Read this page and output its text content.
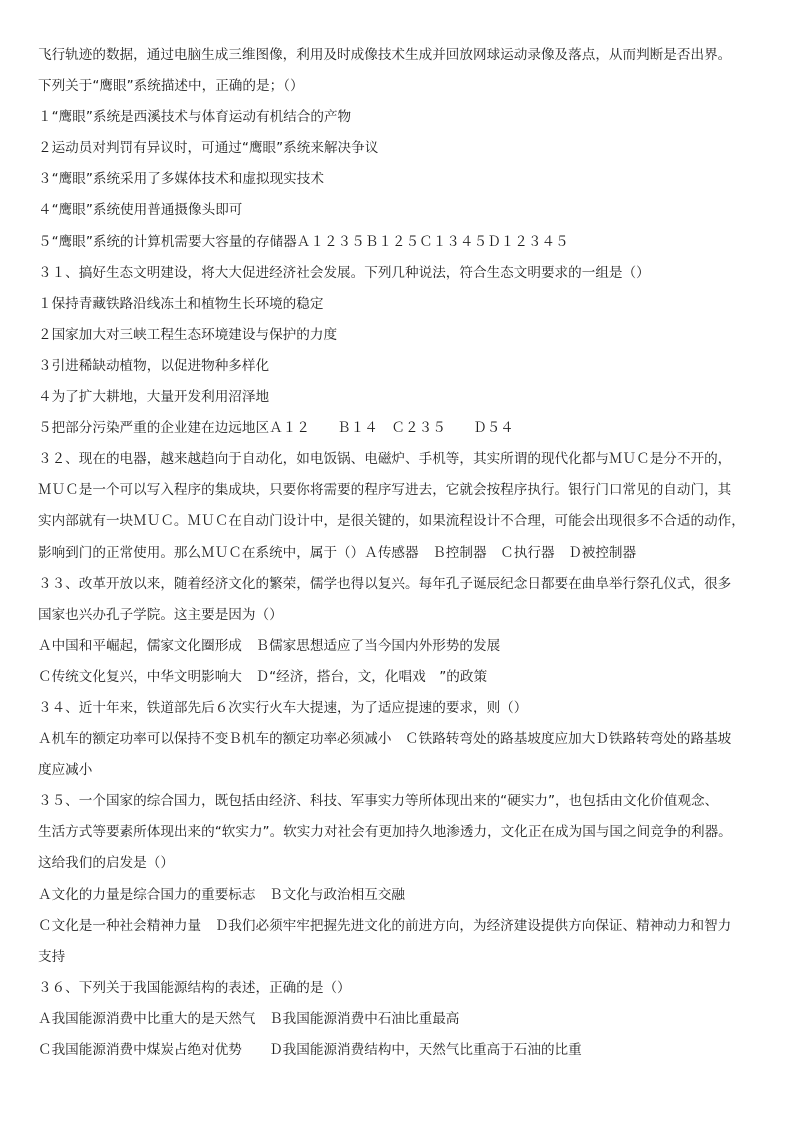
飞行轨迹的数据，通过电脑生成三维图像，利用及时成像技术生成并回放网球运动录像及落点，从而判断是否出界。

下列关于“鹰眼”系统描述中，正确的是；（）

１“鹰眼”系统是西溪技术与体育运动有机结合的产物

２运动员对判罚有异议时，可通过“鹰眼”系统来解决争议

３“鹰眼”系统采用了多媒体技术和虚拟现实技术

４“鹰眼”系统使用普通摄像头即可

５“鹰眼”系统的计算机需要大容量的存储器Ａ１２３５Ｂ１２５Ｃ１３４５Ｄ１２３４５

３１、搞好生态文明建设，将大大促进经济社会发展。下列几种说法，符合生态文明要求的一组是（）

１保持青藏铁路沿线冻土和植物生长环境的稳定

２国家加大对三峡工程生态环境建设与保护的力度

３引进稀缺动植物，以促进物种多样化

４为了扩大耕地，大量开发利用沼泽地

５把部分污染严重的企业建在边远地区Ａ１２　　Ｂ１４　Ｃ２３５　　Ｄ５４

３２、现在的电器，越来越趋向于自动化，如电饭锅、电磁炉、手机等，其实所谓的现代化都与ＭＵＣ是分不开的，

ＭＵＣ是一个可以写入程序的集成块，只要你将需要的程序写进去，它就会按程序执行。银行门口常见的自动门，其

实内部就有一块ＭＵＣ。ＭＵＣ在自动门设计中，是很关键的，如果流程设计不合理，可能会出现很多不合适的动作，

影响到门的正常使用。那么ＭＵＣ在系统中，属于（）Ａ传感器　Ｂ控制器　Ｃ执行器　Ｄ被控制器

３３、改革开放以来，随着经济文化的繁荣，儒学也得以复兴。每年孔子诞辰纪念日都要在曲阜举行祭孔仪式，很多

国家也兴办孔子学院。这主要是因为（）

Ａ中国和平崛起，儒家文化圈形成　Ｂ儒家思想适应了当今国内外形势的发展

Ｃ传统文化复兴，中华文明影响大　Ｄ“经济，搭台，文，化唱戏　”的政策

３４、近十年来，铁道部先后６次实行火车大提速，为了适应提速的要求，则（）

Ａ机车的额定功率可以保持不变Ｂ机车的额定功率必须减小　Ｃ铁路转弯处的路基坡度应加大Ｄ铁路转弯处的路基坡

度应减小

３５、一个国家的综合国力，既包括由经济、科技、军事实力等所体现出来的“硬实力”，也包括由文化价值观念、

生活方式等要素所体现出来的“软实力”。软实力对社会有更加持久地渗透力，文化正在成为国与国之间竞争的利器。

这给我们的启发是（）

Ａ文化的力量是综合国力的重要标志　Ｂ文化与政治相互交融

Ｃ文化是一种社会精神力量　Ｄ我们必须牢牢把握先进文化的前进方向，为经济建设提供方向保证、精神动力和智力

支持

３６、下列关于我国能源结构的表述，正确的是（）

Ａ我国能源消费中比重大的是天然气　Ｂ我国能源消费中石油比重最高

Ｃ我国能源消费中煤炭占绝对优势　　Ｄ我国能源消费结构中，天然气比重高于石油的比重
